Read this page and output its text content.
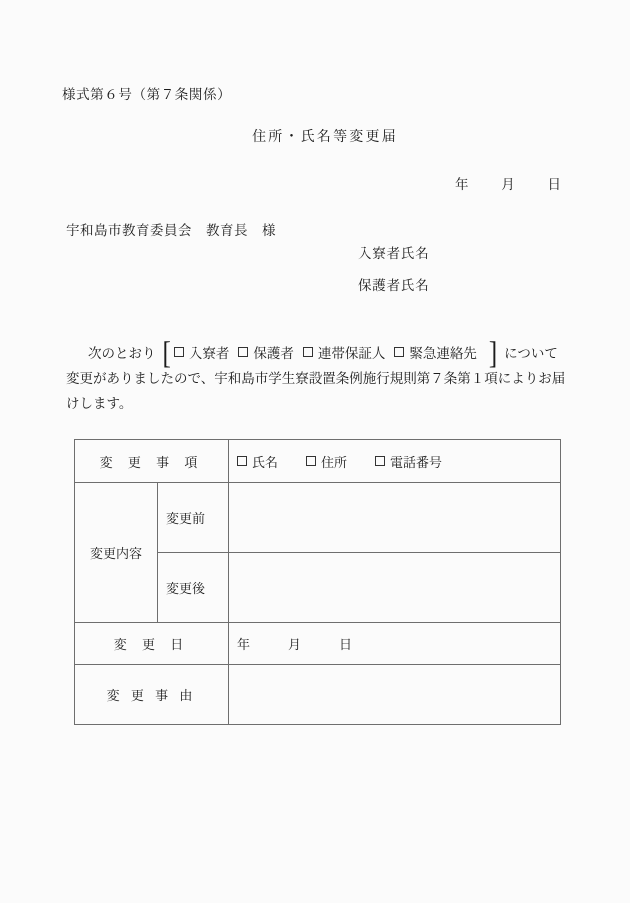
様式第６号（第７条関係）
住所・氏名等変更届
年 月 日
宇和島市教育委員会　教育長 様
入寮者氏名
保護者氏名
次のとおり [ 入寮者 保護者 連帯保証人 緊急連絡先 ] について
変更がありましたので、宇和島市学生寮設置条例施行規則第７条第１項によりお届
けします。
変 更 事 項		氏名 住所 電話番号
変更内容	変更前	
	変更後	
変 更 日		年 月 日
変 更 事 由		
